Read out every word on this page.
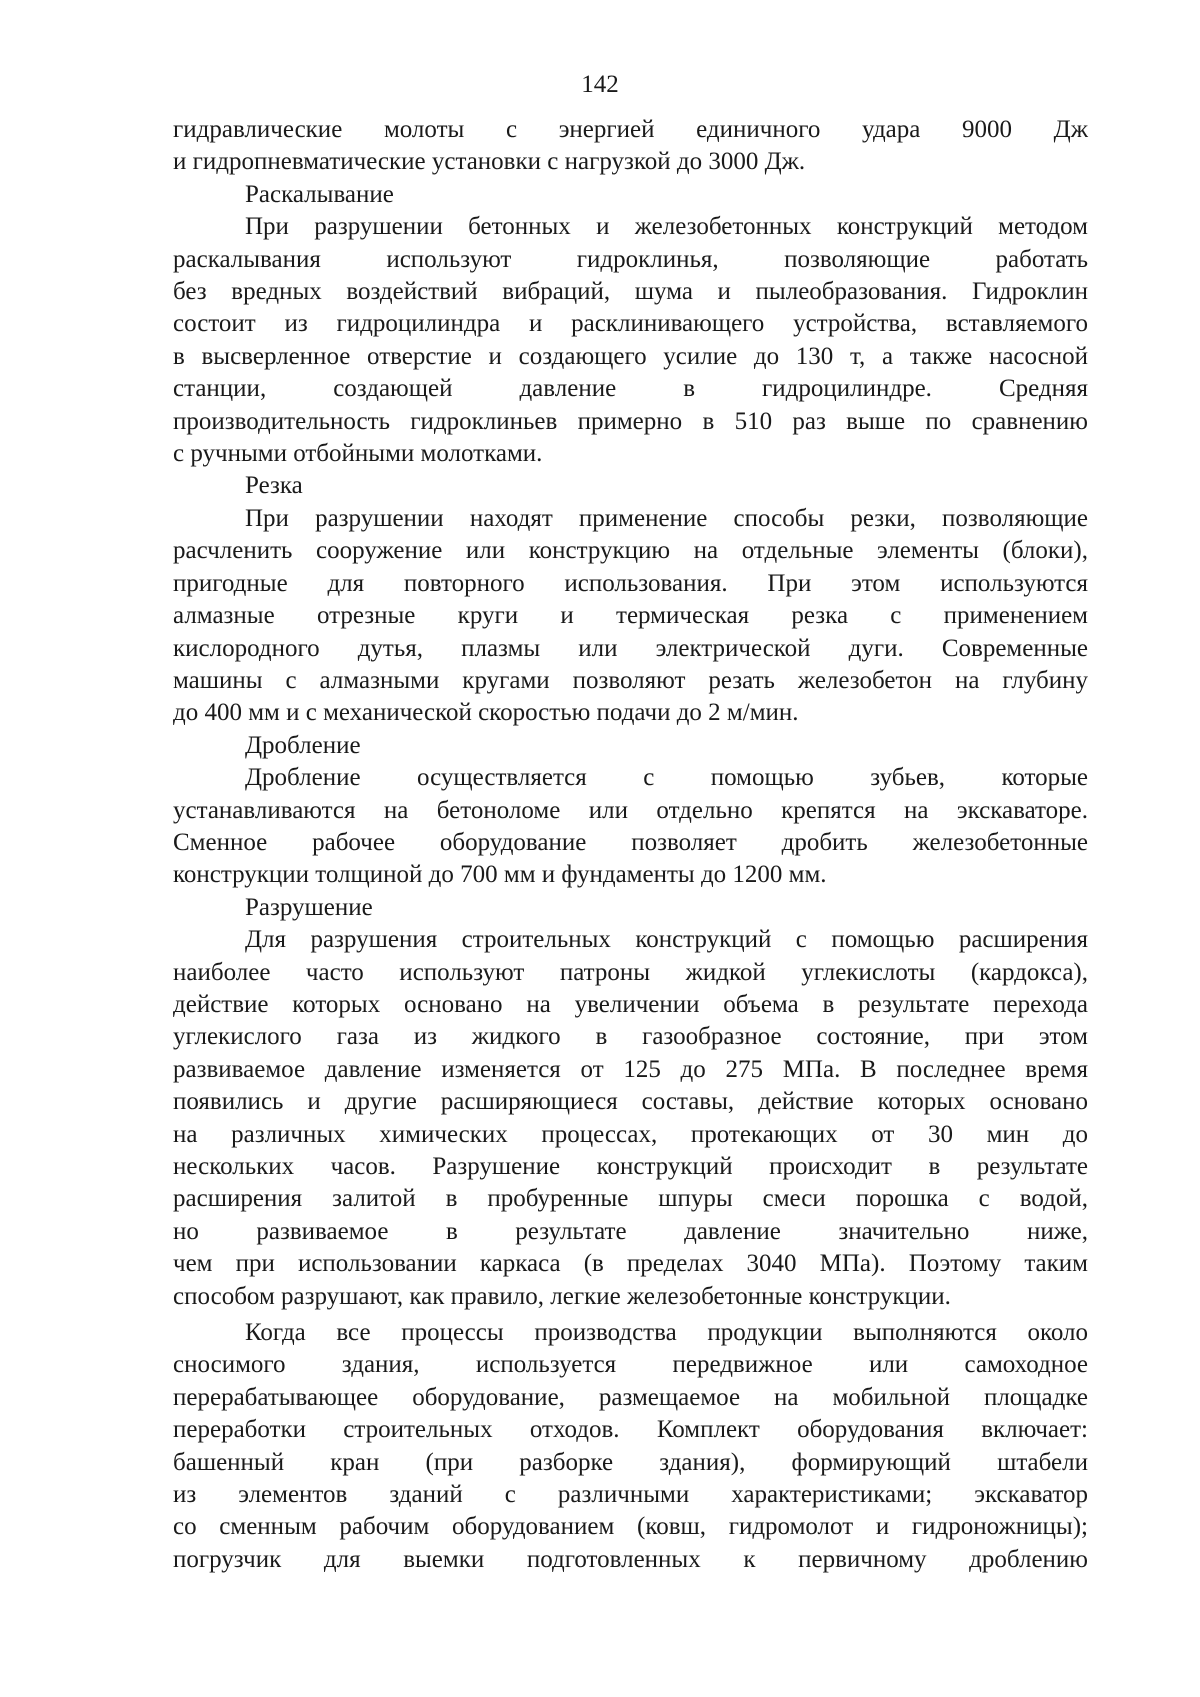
142
гидравлические молоты с энергией единичного удара 9000 Дж
и гидропневматические установки с нагрузкой до 3000 Дж.
Раскалывание
При разрушении бетонных и железобетонных конструкций методом
раскалывания используют гидроклинья, позволяющие работать
без вредных воздействий вибраций, шума и пылеобразования. Гидроклин
состоит из гидроцилиндра и расклинивающего устройства, вставляемого
в высверленное отверстие и создающего усилие до 130 т, а также насосной
станции, создающей давление в гидроцилиндре. Средняя
производительность гидроклиньев примерно в 510 раз выше по сравнению
с ручными отбойными молотками.
Резка
При разрушении находят применение способы резки, позволяющие
расчленить сооружение или конструкцию на отдельные элементы (блоки),
пригодные для повторного использования. При этом используются
алмазные отрезные круги и термическая резка с применением
кислородного дутья, плазмы или электрической дуги. Современные
машины с алмазными кругами позволяют резать железобетон на глубину
до 400 мм и с механической скоростью подачи до 2 м/мин.
Дробление
Дробление осуществляется с помощью зубьев, которые
устанавливаются на бетоноломе или отдельно крепятся на экскаваторе.
Сменное рабочее оборудование позволяет дробить железобетонные
конструкции толщиной до 700 мм и фундаменты до 1200 мм.
Разрушение
Для разрушения строительных конструкций с помощью расширения
наиболее часто используют патроны жидкой углекислоты (кардокса),
действие которых основано на увеличении объема в результате перехода
углекислого газа из жидкого в газообразное состояние, при этом
развиваемое давление изменяется от 125 до 275 МПа. В последнее время
появились и другие расширяющиеся составы, действие которых основано
на различных химических процессах, протекающих от 30 мин до
нескольких часов. Разрушение конструкций происходит в результате
расширения залитой в пробуренные шпуры смеси порошка с водой,
но развиваемое в результате давление значительно ниже,
чем при использовании каркаса (в пределах 3040 МПа). Поэтому таким
способом разрушают, как правило, легкие железобетонные конструкции.
Когда все процессы производства продукции выполняются около
сносимого здания, используется передвижное или самоходное
перерабатывающее оборудование, размещаемое на мобильной площадке
переработки строительных отходов. Комплект оборудования включает:
башенный кран (при разборке здания), формирующий штабели
из элементов зданий с различными характеристиками; экскаватор
со сменным рабочим оборудованием (ковш, гидромолот и гидроножницы);
погрузчик для выемки подготовленных к первичному дроблению
